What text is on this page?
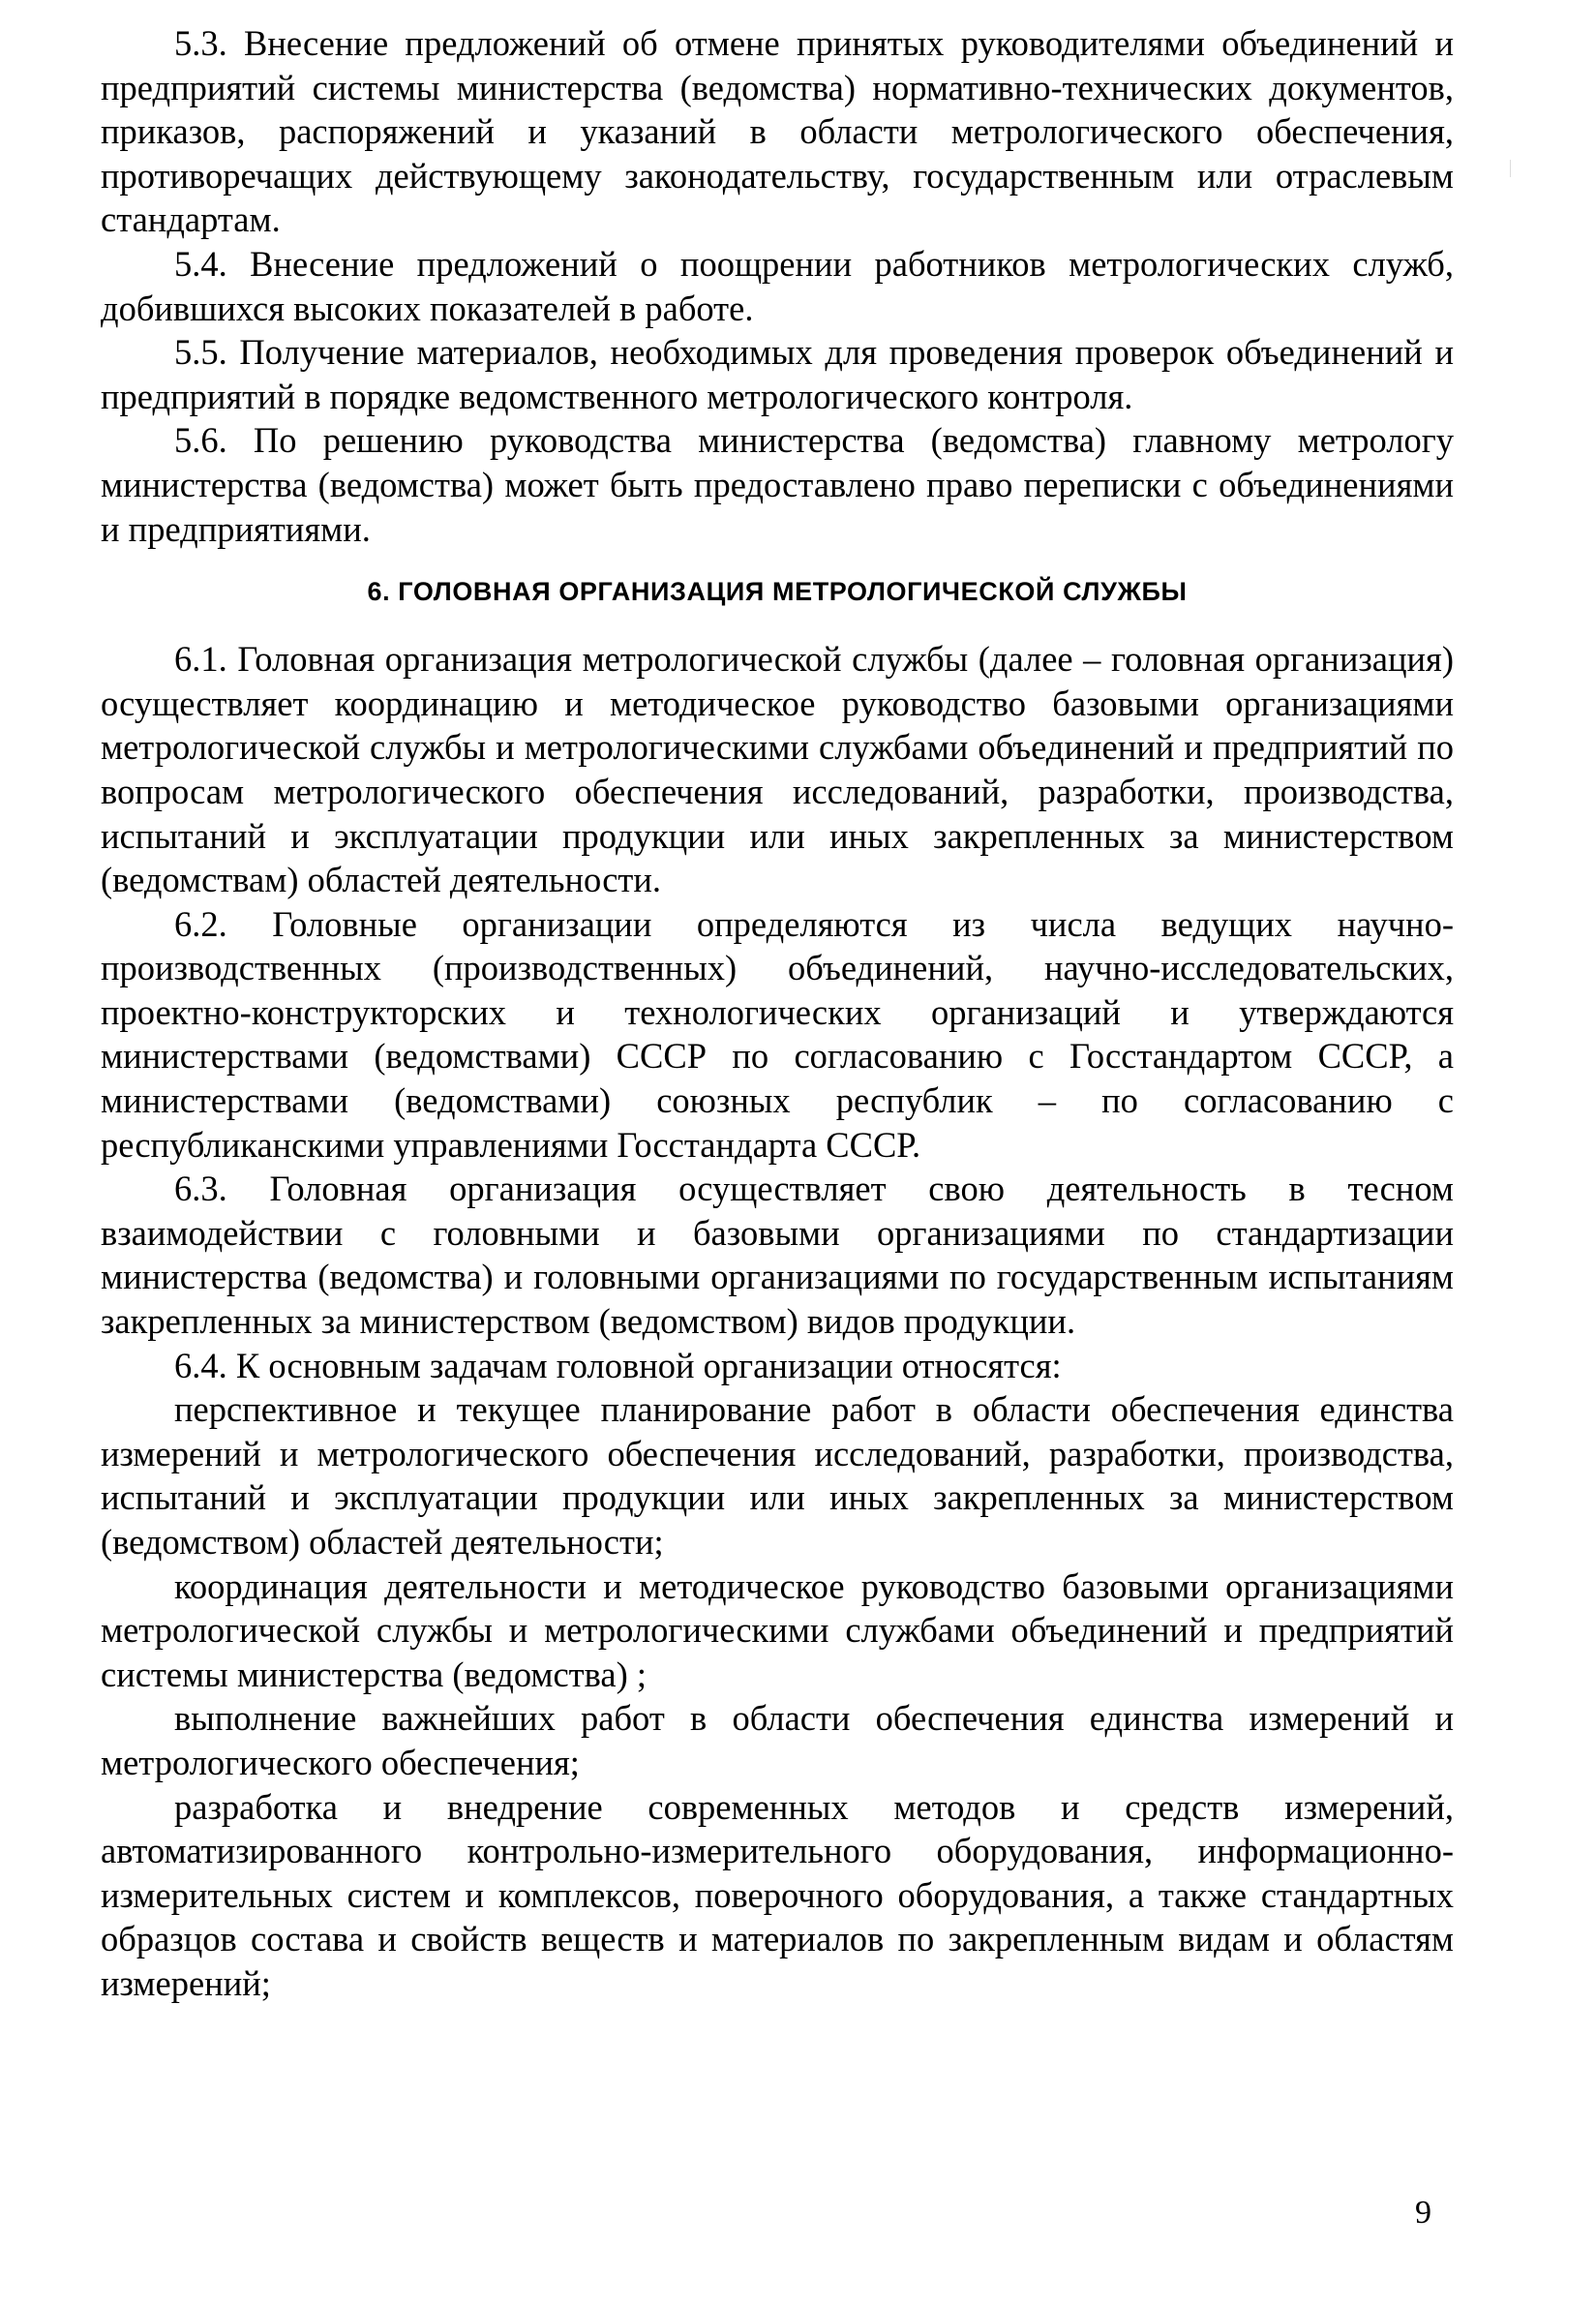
5.3. Внесение предложений об отмене принятых руководителями объединений и предприятий системы министерства (ведомства) нормативно-технических документов, приказов, распоряжений и указаний в области метрологического обеспечения, противоречащих действующему законодательству, государственным или отраслевым стандартам.

5.4. Внесение предложений о поощрении работников метрологических служб, добившихся высоких показателей в работе.

5.5. Получение материалов, необходимых для проведения проверок объединений и предприятий в порядке ведомственного метрологического контроля.

5.6. По решению руководства министерства (ведомства) главному метрологу министерства (ведомства) может быть предоставлено право переписки с объединениями и предприятиями.

6. ГОЛОВНАЯ ОРГАНИЗАЦИЯ МЕТРОЛОГИЧЕСКОЙ СЛУЖБЫ

6.1. Головная организация метрологической службы (далее – головная организация) осуществляет координацию и методическое руководство базовыми организациями метрологической службы и метрологическими службами объединений и предприятий по вопросам метрологического обеспечения исследований, разработки, производства, испытаний и эксплуатации продукции или иных закрепленных за министерством (ведомствам) областей деятельности.

6.2. Головные организации определяются из числа ведущих научно-производственных (производственных) объединений, научно-исследовательских, проектно-конструкторских и технологических организаций и утверждаются министерствами (ведомствами) СССР по согласованию с Госстандартом СССР, а министерствами (ведомствами) союзных республик – по согласованию с республиканскими управлениями Госстандарта СССР.

6.3. Головная организация осуществляет свою деятельность в тесном взаимодействии с головными и базовыми организациями по стандартизации министерства (ведомства) и головными организациями по государственным испытаниям закрепленных за министерством (ведомством) видов продукции.

6.4. К основным задачам головной организации относятся:

перспективное и текущее планирование работ в области обеспечения единства измерений и метрологического обеспечения исследований, разработки, производства, испытаний и эксплуатации продукции или иных закрепленных за министерством (ведомством) областей деятельности;

координация деятельности и методическое руководство базовыми организациями метрологической службы и метрологическими службами объединений и предприятий системы министерства (ведомства) ;

выполнение важнейших работ в области обеспечения единства измерений и метрологического обеспечения;

разработка и внедрение современных методов и средств измерений, автоматизированного контрольно-измерительного оборудования, информационно-измерительных систем и комплексов, поверочного оборудования, а также стандартных образцов состава и свойств веществ и материалов по закрепленным видам и областям измерений;

9
